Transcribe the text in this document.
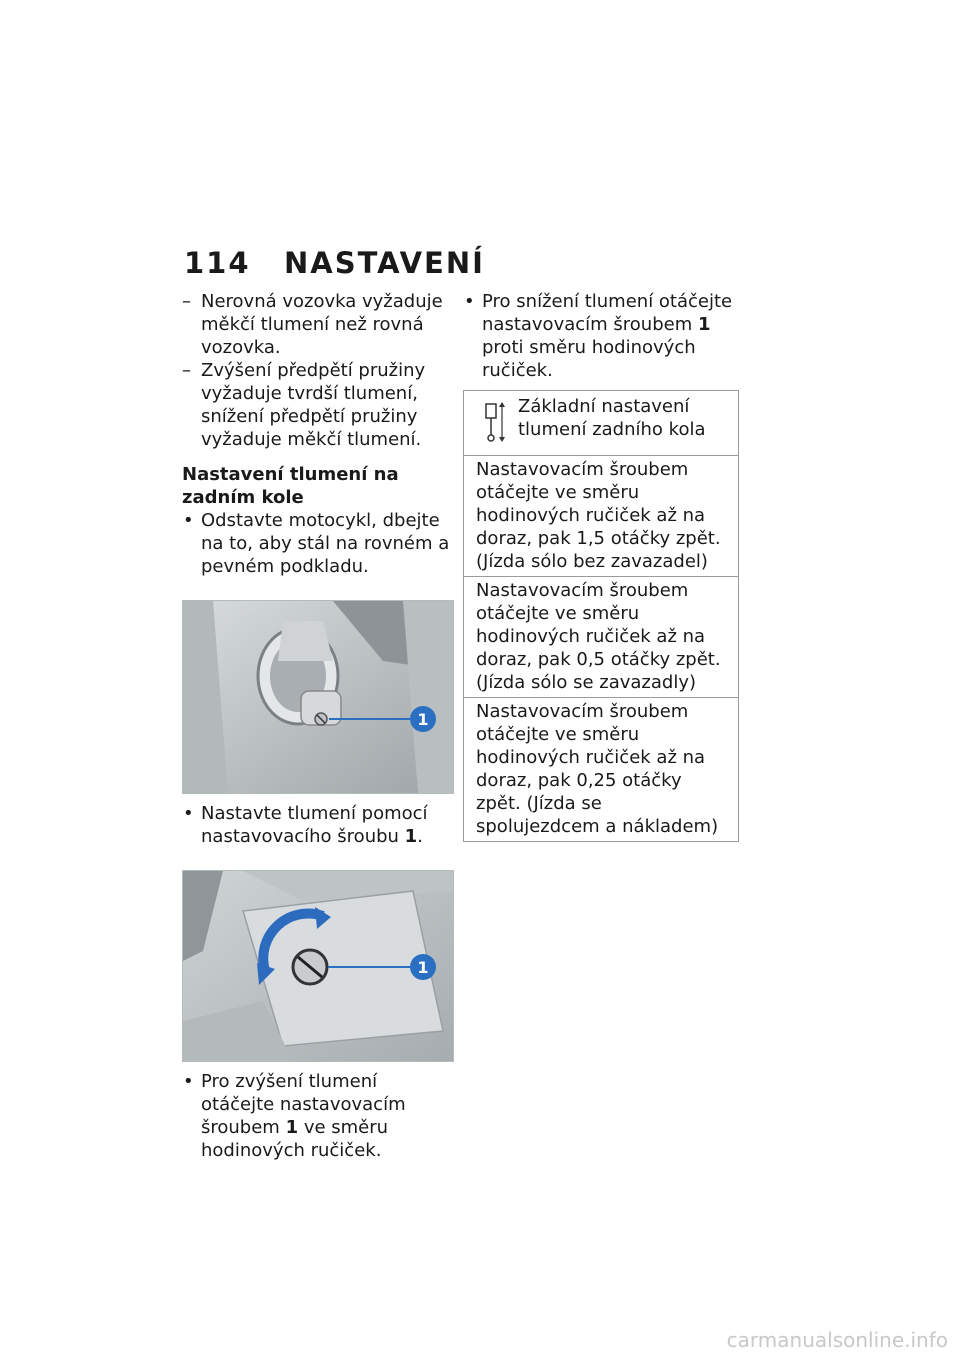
114 NASTAVENÍ

– Nerovná vozovka vyžaduje měkčí tlumení než rovná vozovka.

– Zvýšení předpětí pružiny vyžaduje tvrdší tlumení, snížení předpětí pružiny vyžaduje měkčí tlumení.

Nastavení tlumení na zadním kole

• Odstavte motocykl, dbejte na to, aby stál na rovném a pevném podkladu.

1

• Nastavte tlumení pomocí nastavovacího šroubu 1.

1

• Pro zvýšení tlumení otáčejte nastavovacím šroubem 1 ve směru hodinových ručiček.

• Pro snížení tlumení otáčejte nastavovacím šroubem 1 proti směru hodinových ručiček.

Základní nastavení tlumení zadního kola

Nastavovacím šroubem otáčejte ve směru hodinových ručiček až na doraz, pak 1,5 otáčky zpět. (Jízda sólo bez zavazadel)

Nastavovacím šroubem otáčejte ve směru hodinových ručiček až na doraz, pak 0,5 otáčky zpět. (Jízda sólo se zavazadly)

Nastavovacím šroubem otáčejte ve směru hodinových ručiček až na doraz, pak 0,25 otáčky zpět. (Jízda se spolujezdcem a nákladem)

carmanualsonline.info
